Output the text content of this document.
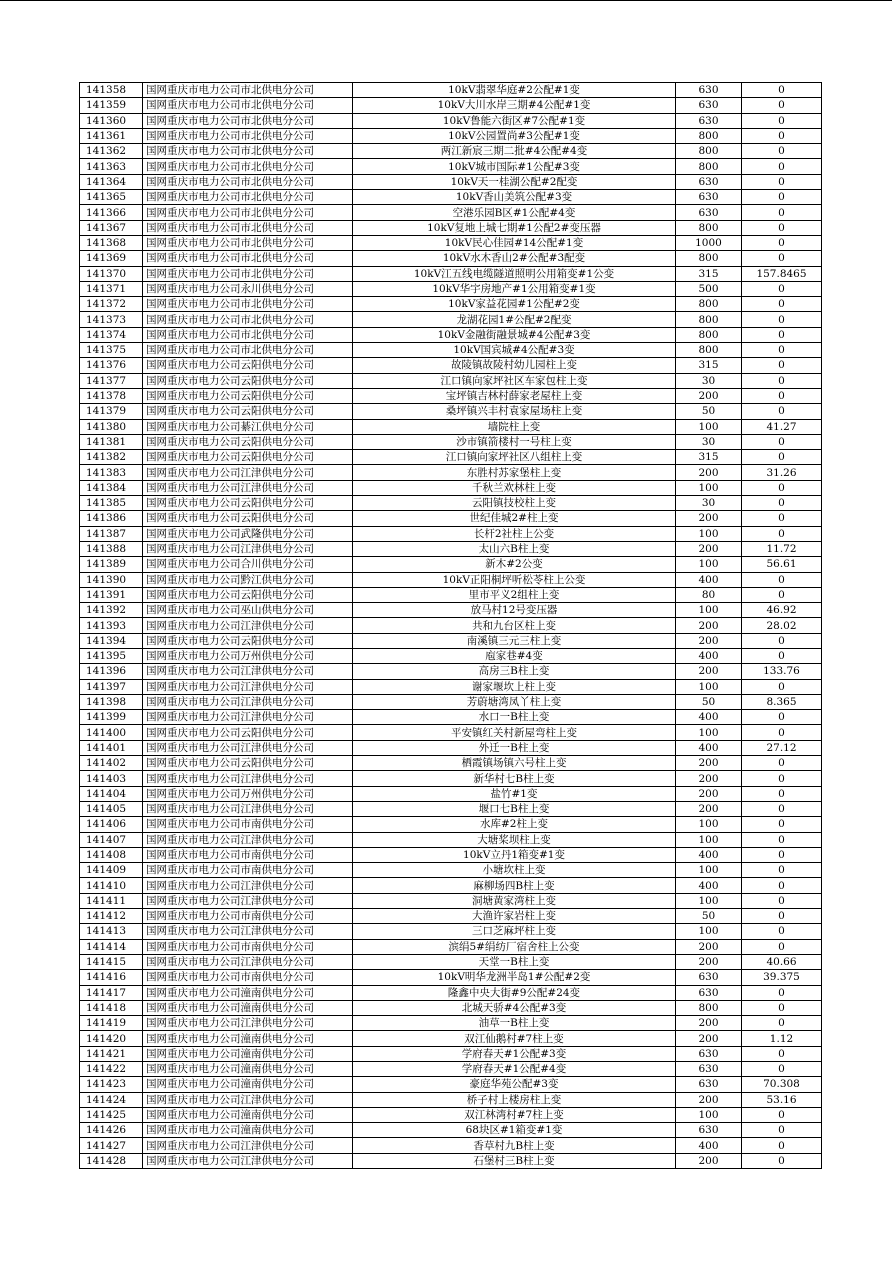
141358	国网重庆市电力公司市北供电分公司	10kV翡翠华庭#2公配#1变	630	0
141359	国网重庆市电力公司市北供电分公司	10kV大川水岸三期#4公配#1变	630	0
141360	国网重庆市电力公司市北供电分公司	10kV鲁能六街区#7公配#1变	630	0
141361	国网重庆市电力公司市北供电分公司	10kV公园置尚#3公配#1变	800	0
141362	国网重庆市电力公司市北供电分公司	两江新宸三期二批#4公配#4变	800	0
141363	国网重庆市电力公司市北供电分公司	10kV城市国际#1公配#3变	800	0
141364	国网重庆市电力公司市北供电分公司	10kV天一桂湖公配#2配变	630	0
141365	国网重庆市电力公司市北供电分公司	10kV香山美筑公配#3变	630	0
141366	国网重庆市电力公司市北供电分公司	空港乐园B区#1公配#4变	630	0
141367	国网重庆市电力公司市北供电分公司	10kV复地上城七期#1公配2#变压器	800	0
141368	国网重庆市电力公司市北供电分公司	10kV民心佳园#14公配#1变	1000	0
141369	国网重庆市电力公司市北供电分公司	10kV水木香山2#公配#3配变	800	0
141370	国网重庆市电力公司市北供电分公司	10kV江五线电缆隧道照明公用箱变#1公变	315	157.8465
141371	国网重庆市电力公司永川供电分公司	10kV华宇房地产#1公用箱变#1变	500	0
141372	国网重庆市电力公司市北供电分公司	10kV家益花园#1公配#2变	800	0
141373	国网重庆市电力公司市北供电分公司	龙湖花园1#公配#2配变	800	0
141374	国网重庆市电力公司市北供电分公司	10kV金融街融景城#4公配#3变	800	0
141375	国网重庆市电力公司市北供电分公司	10kV国宾城#4公配#3变	800	0
141376	国网重庆市电力公司云阳供电分公司	故陵镇故陵村幼儿园柱上变	315	0
141377	国网重庆市电力公司云阳供电分公司	江口镇向家坪社区车家包柱上变	30	0
141378	国网重庆市电力公司云阳供电分公司	宝坪镇吉林村薛家老屋柱上变	200	0
141379	国网重庆市电力公司云阳供电分公司	桑坪镇兴丰村袁家屋场柱上变	50	0
141380	国网重庆市电力公司綦江供电分公司	墙院柱上变	100	41.27
141381	国网重庆市电力公司云阳供电分公司	沙市镇箭楼村一号柱上变	30	0
141382	国网重庆市电力公司云阳供电分公司	江口镇向家坪社区八组柱上变	315	0
141383	国网重庆市电力公司江津供电分公司	东胜村苏家堡柱上变	200	31.26
141384	国网重庆市电力公司江津供电分公司	千秋兰欢林柱上变	100	0
141385	国网重庆市电力公司云阳供电分公司	云阳镇技校柱上变	30	0
141386	国网重庆市电力公司云阳供电分公司	世纪佳城2#柱上变	200	0
141387	国网重庆市电力公司武隆供电分公司	长杆2社柱上公变	100	0
141388	国网重庆市电力公司江津供电分公司	太山六B柱上变	200	11.72
141389	国网重庆市电力公司合川供电分公司	新木#2公变	100	56.61
141390	国网重庆市电力公司黔江供电分公司	10kV正阳桐坪听松苓柱上公变	400	0
141391	国网重庆市电力公司云阳供电分公司	里市平义2组柱上变	80	0
141392	国网重庆市电力公司巫山供电分公司	放马村12号变压器	100	46.92
141393	国网重庆市电力公司江津供电分公司	共和九台区柱上变	200	28.02
141394	国网重庆市电力公司云阳供电分公司	南溪镇三元三柱上变	200	0
141395	国网重庆市电力公司万州供电分公司	庖家巷#4变	400	0
141396	国网重庆市电力公司江津供电分公司	高房三B柱上变	200	133.76
141397	国网重庆市电力公司江津供电分公司	谢家堰坎上柱上变	100	0
141398	国网重庆市电力公司江津供电分公司	芳蔚塘湾凤丫柱上变	50	8.365
141399	国网重庆市电力公司江津供电分公司	水口一B柱上变	400	0
141400	国网重庆市电力公司云阳供电分公司	平安镇红关村新屋弯柱上变	100	0
141401	国网重庆市电力公司江津供电分公司	外迁一B柱上变	400	27.12
141402	国网重庆市电力公司云阳供电分公司	栖霞镇场镇六号柱上变	200	0
141403	国网重庆市电力公司江津供电分公司	新华村七B柱上变	200	0
141404	国网重庆市电力公司万州供电分公司	盐竹#1变	200	0
141405	国网重庆市电力公司江津供电分公司	堰口七B柱上变	200	0
141406	国网重庆市电力公司市南供电分公司	水库#2柱上变	100	0
141407	国网重庆市电力公司江津供电分公司	大塘桨坝柱上变	100	0
141408	国网重庆市电力公司市南供电分公司	10kV立丹1箱变#1变	400	0
141409	国网重庆市电力公司市南供电分公司	小塘坎柱上变	100	0
141410	国网重庆市电力公司江津供电分公司	麻柳场四B柱上变	400	0
141411	国网重庆市电力公司江津供电分公司	洞塘黄家湾柱上变	100	0
141412	国网重庆市电力公司市南供电分公司	大渔许家岩柱上变	50	0
141413	国网重庆市电力公司江津供电分公司	三口芝麻坪柱上变	100	0
141414	国网重庆市电力公司市南供电分公司	滨绢5#绢纺厂宿舍柱上公变	200	0
141415	国网重庆市电力公司江津供电分公司	天堂一B柱上变	200	40.66
141416	国网重庆市电力公司市南供电分公司	10kV明华龙洲半岛1#公配#2变	630	39.375
141417	国网重庆市电力公司潼南供电分公司	隆鑫中央大街#9公配#24变	630	0
141418	国网重庆市电力公司潼南供电分公司	北城天骄#4公配#3变	800	0
141419	国网重庆市电力公司江津供电分公司	油草一B柱上变	200	0
141420	国网重庆市电力公司潼南供电分公司	双江仙鹅村#7柱上变	200	1.12
141421	国网重庆市电力公司潼南供电分公司	学府春天#1公配#3变	630	0
141422	国网重庆市电力公司潼南供电分公司	学府春天#1公配#4变	630	0
141423	国网重庆市电力公司潼南供电分公司	豪庭华苑公配#3变	630	70.308
141424	国网重庆市电力公司江津供电分公司	桥子村上楼房柱上变	200	53.16
141425	国网重庆市电力公司潼南供电分公司	双江林湾村#7柱上变	100	0
141426	国网重庆市电力公司潼南供电分公司	68块区#1箱变#1变	630	0
141427	国网重庆市电力公司江津供电分公司	香草村九B柱上变	400	0
141428	国网重庆市电力公司江津供电分公司	石堡村三B柱上变	200	0
